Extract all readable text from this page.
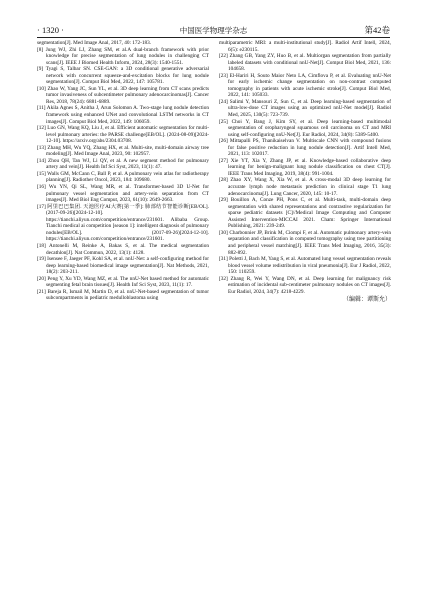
· 1320 ·	中国医学物理学杂志	第42卷

segmentation[J]. Med Image Anal, 2017, 40: 172-183.

[8] Jung WJ, Zhi LJ, Zhang SM, et al.A dual-branch framework with prior knowledge for precise segmentation of lung nodules in challenging CT scans[J]. IEEE J Biomed Health Inform, 2024, 28(3): 1540-1551.

[9] Tyagi S, Talbar SN. CSE-GAN: a 3D conditional generative adversarial network with concurrent squeeze-and-excitation blocks for lung nodule segmentation[J]. Comput Biol Med, 2022, 147: 105781.

[10] Zhao W, Yang JC, Sun YL, et al. 3D deep learning from CT scans predicts tumor invasiveness of subcentimeter pulmonary adenocarcinomas[J]. Cancer Res, 2018, 78(24): 6881-6889.

[11] Akila Agnes S, Anitha J, Arun Solomon A. Two-stage lung nodule detection framework using enhanced UNet and convolutional LSTM networks in CT images[J]. Comput Biol Med, 2022, 149: 106059.

[12] Luo GN, Wang KQ, Liu J, et al. Efficient automatic segmentation for multi-level pulmonary arteries: the PARSE challenge[EB/OL]. (2024-08-09)[2024-12-10]. https://arxiv.org/abs/2304.03708.

[13] Zhang MH, Wu YQ, Zhang HX, et al. Multi-site, multi-domain airway tree modeling[J]. Med Image Anal, 2023, 90: 102957.

[14] Zhou QH, Tan WJ, Li QY, et al. A new segment method for pulmonary artery and vein[J]. Health Inf Sci Syst, 2023, 11(1): 47.

[15] Walls GM, McCann C, Ball P, et al. A pulmonary vein atlas for radiotherapy planning[J]. Radiother Oncol, 2023, 184: 109680.

[16] Wu YN, Qi SL, Wang MR, et al. Transformer-based 3D U-Net for pulmonary vessel segmentation and artery-vein separation from CT images[J]. Med Biol Eng Comput, 2023, 61(10): 2649-2663.

[17] 阿里巴巴集团. 天池医疗AI大赛[第一季]: 肺部结节智能诊断[EB/OL]. (2017-09-26)[2024-12-10]. https://tianchi.aliyun.com/competition/entrance/231601. Alibaba Group. Tianchi medical ai competition [season 1]: intelligent diagnosis of pulmonary nodules[EB/OL]. (2017-09-26)[2024-12-10]. https://tianchi.aliyun.com/competition/entrance/231601.

[18] Antonelli M, Reinke A, Bakas S, et al. The medical segmentation decathlon[J]. Nat Commun, 2022, 13(1): 4128.

[19] Isensee F, Jaeger PF, Kohl SA, et al. nnU-Net: a self-configuring method for deep learning-based biomedical image segmentation[J]. Nat Methods, 2021, 18(2): 203-211.

[20] Peng Y, Xu YD, Wang MZ, et al. The nnU-Net based method for automatic segmenting fetal brain tissues[J]. Health Inf Sci Syst, 2023, 11(1): 17.

[21] Bareja R, Ismail M, Martin D, et al. nnU-Net-based segmentation of tumor subcompartments in pediatric medulloblastoma using

multiparametric MRI: a multi-institutional study[J]. Radiol Artif Intell, 2024, 6(5): e230115.

[22] Zhang GB, Yang ZY, Huo B, et al. Multiorgan segmentation from partially labeled datasets with conditional nnU-Net[J]. Comput Biol Med, 2021, 136: 104658.

[23] El-Hariri H, Souto Maior Neto LA, Cimflova P, et al. Evaluating nnU-Net for early ischemic change segmentation on non-contrast computed tomography in patients with acute ischemic stroke[J]. Comput Biol Med, 2022, 141: 105033.

[24] Salimi Y, Mansouri Z, Sun C, et al. Deep learning-based segmentation of ultra-low-dose CT images using an optimized nnU-Net model[J]. Radiol Med, 2025, 130(5): 723-739.

[25] Choi Y, Bang J, Kim SY, et al. Deep learning-based multimodal segmentation of oropharyngeal squamous cell carcinoma on CT and MRI using self-configuring nnU-Net[J]. Eur Radiol, 2024, 34(8): 5389-5400.

[26] Mittapalli PS, Thanikaiselvan V. Multiscale CNN with compound fusions for false positive reduction in lung nodule detection[J]. Artif Intell Med, 2021, 113: 102017.

[27] Xie YT, Xia Y, Zhang JP, et al. Knowledge-based collaborative deep learning for benign-malignant lung nodule classification on chest CT[J]. IEEE Trans Med Imaging, 2019, 38(4): 991-1004.

[28] Zhao XY, Wang X, Xia W, et al. A cross-modal 3D deep learning for accurate lymph node metastasis prediction in clinical stage T1 lung adenocarcinoma[J]. Lung Cancer, 2020, 145: 10-17.

[29] Bouillon A, Conze PH, Pons C, et al. Multi-task, multi-domain deep segmentation with shared representations and contrastive regularization for sparse pediatric datasets [C]//Medical Image Computing and Computer Assisted Intervention-MICCAI 2021. Cham: Springer International Publishing, 2021: 239-249.

[30] Charbonnier JP, Brink M, Ciompi F, et al. Automatic pulmonary artery-vein separation and classification in computed tomography using tree partitioning and peripheral vessel matching[J]. IEEE Trans Med Imaging, 2016, 35(3): 882-892.

[31] Poletti J, Bach M, Yang S, et al. Automated lung vessel segmentation reveals blood vessel volume redistribution in viral pneumonia[J]. Eur J Radiol, 2022, 150: 110259.

[32] Zhang R, Wei Y, Wang DN, et al. Deep learning for malignancy risk estimation of incidental sub-centimeter pulmonary nodules on CT images[J]. Eur Radiol, 2024, 34(7): 4218-4229.

（编辑：谭斯允）
